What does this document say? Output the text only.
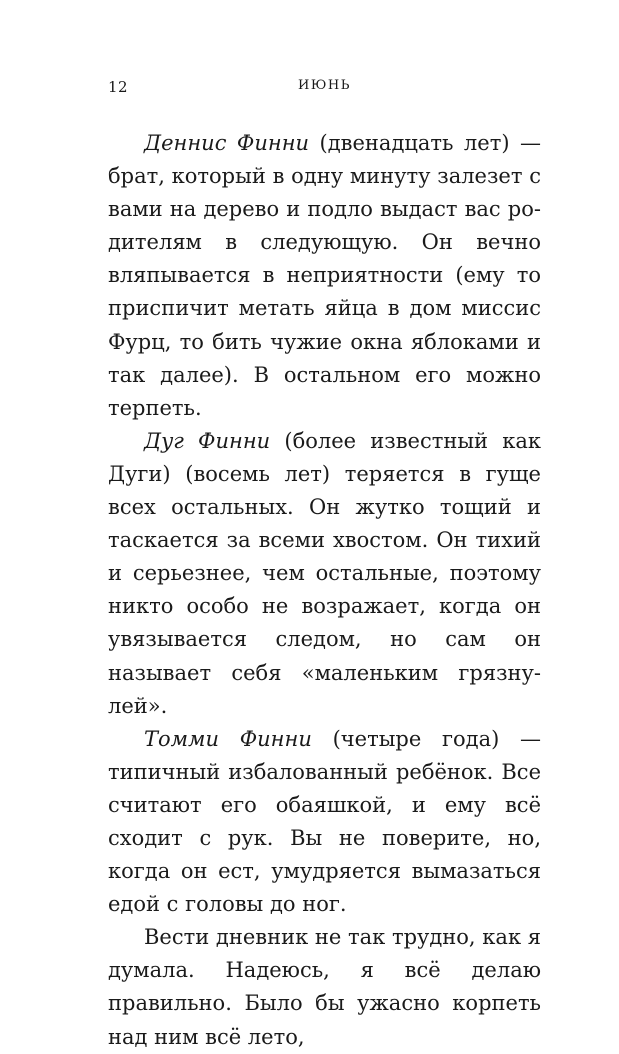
12	ИЮНЬ

Деннис Финни (двенадцать лет) — брат, который в одну минуту залезет с вами на дерево и подло выдаст вас родителям в следующую. Он вечно вляпывается в неприятности (ему то приспичит метать яйца в дом миссис Фурц, то бить чужие окна яблоками и так далее). В остальном его можно терпеть.

Дуг Финни (более известный как Дуги) (восемь лет) теряется в гуще всех остальных. Он жутко тощий и таскается за всеми хвостом. Он тихий и серьезнее, чем остальные, поэтому никто особо не возражает, когда он увязывается следом, но сам он называет себя «маленьким грязнулей».

Томми Финни (четыре года) — типичный избалованный ребёнок. Все считают его обаяшкой, и ему всё сходит с рук. Вы не поверите, но, когда он ест, умудряется вымазаться едой с головы до ног.

Вести дневник не так трудно, как я думала. Надеюсь, я всё делаю правильно. Было бы ужасно корпеть над ним всё лето,
